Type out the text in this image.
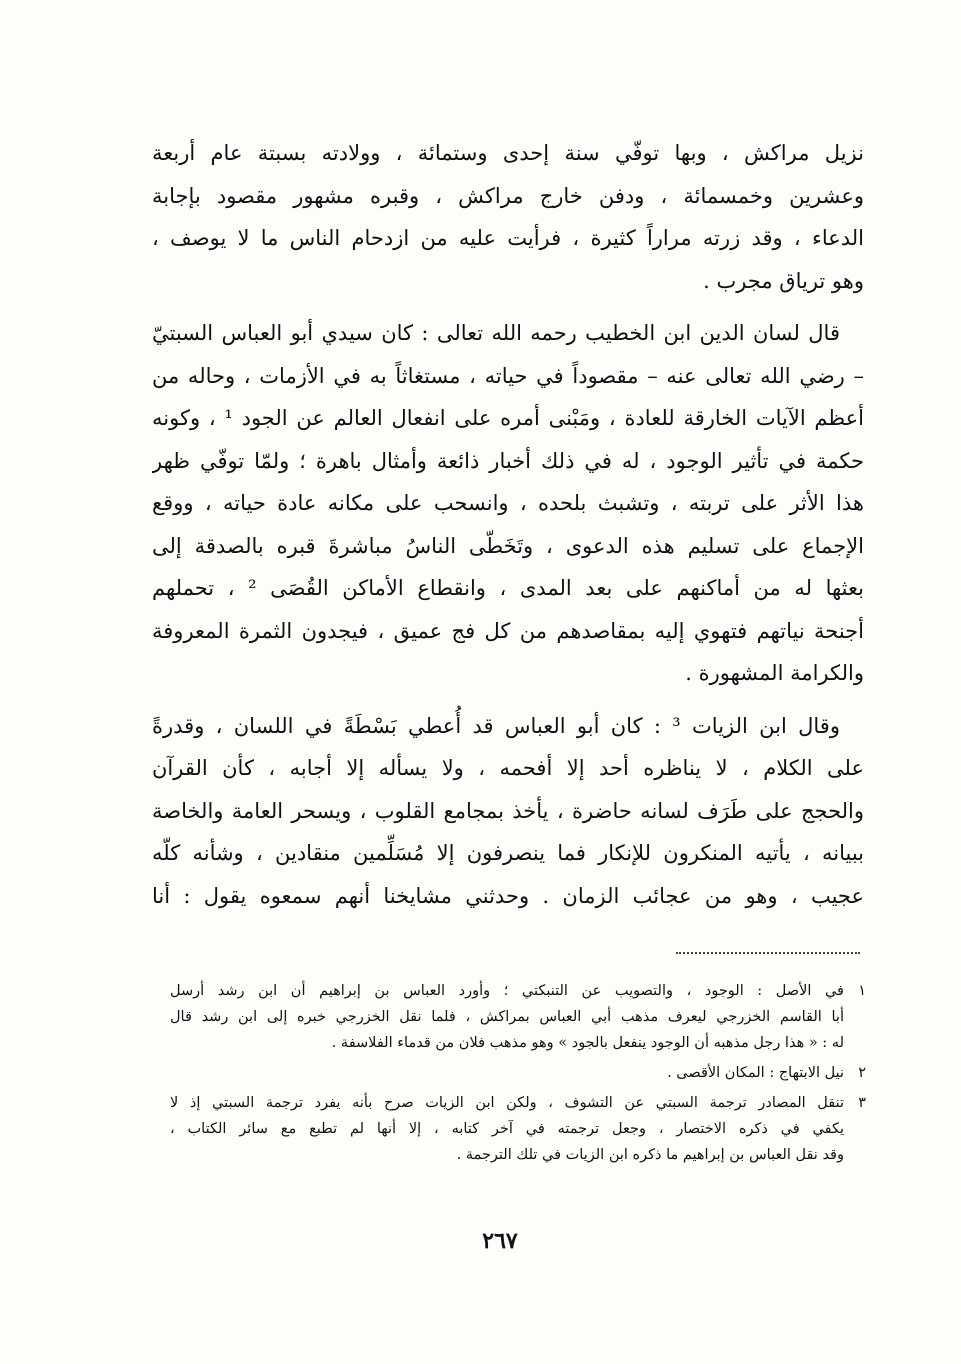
نزيل مراكش ، وبها توفّي سنة إحدى وستمائة ، وولادته بسبتة عام أربعة
وعشرين وخمسمائة ، ودفن خارج مراكش ، وقبره مشهور مقصود بإجابة
الدعاء ، وقد زرته مراراً كثيرة ، فرأيت عليه من ازدحام الناس ما لا يوصف ،
وهو ترياق مجرب .
قال لسان الدين ابن الخطيب رحمه الله تعالى : كان سيدي أبو العباس السبتيّ
– رضي الله تعالى عنه – مقصوداً في حياته ، مستغاثاً به في الأزمات ، وحاله من
أعظم الآيات الخارقة للعادة ، ومَبْنى أمره على انفعال العالم عن الجود ¹ ، وكونه
حكمة في تأثير الوجود ، له في ذلك أخبار ذائعة وأمثال باهرة ؛ ولمّا توفّي ظهر
هذا الأثر على تربته ، وتشبث بلحده ، وانسحب على مكانه عادة حياته ، ووقع
الإجماع على تسليم هذه الدعوى ، وتَخَطّى الناسُ مباشرةَ قبره بالصدقة إلى
بعثها له من أماكنهم على بعد المدى ، وانقطاع الأماكن القُصَى ² ، تحملهم
أجنحة نياتهم فتهوي إليه بمقاصدهم من كل فج عميق ، فيجدون الثمرة المعروفة
والكرامة المشهورة .
وقال ابن الزيات ³ : كان أبو العباس قد أُعطي بَسْطَةً في اللسان ، وقدرةً
على الكلام ، لا يناظره أحد إلا أفحمه ، ولا يسأله إلا أجابه ، كأن القرآن
والحجج على طَرَف لسانه حاضرة ، يأخذ بمجامع القلوب ، ويسحر العامة والخاصة
ببيانه ، يأتيه المنكرون للإنكار فما ينصرفون إلا مُسَلِّمين منقادين ، وشأنه كلّه
عجيب ، وهو من عجائب الزمان . وحدثني مشايخنا أنهم سمعوه يقول : أنا
١
في الأصل : الوجود ، والتصويب عن التنبكتي ؛ وأورد العباس بن إبراهيم أن ابن رشد أرسل
أبا القاسم الخزرجي ليعرف مذهب أبي العباس بمراكش ، فلما نقل الخزرجي خبره إلى ابن رشد قال
له : « هذا رجل مذهبه أن الوجود ينفعل بالجود » وهو مذهب فلان من قدماء الفلاسفة .
٢
نيل الابتهاج : المكان الأقصى .
٣
تنقل المصادر ترجمة السبتي عن التشوف ، ولكن ابن الزيات صرح بأنه يفرد ترجمة السبتي إذ لا
يكفي في ذكره الاختصار ، وجعل ترجمته في آخر كتابه ، إلا أنها لم تطبع مع سائر الكتاب ،
وقد نقل العباس بن إبراهيم ما ذكره ابن الزيات في تلك الترجمة .
٢٦٧
